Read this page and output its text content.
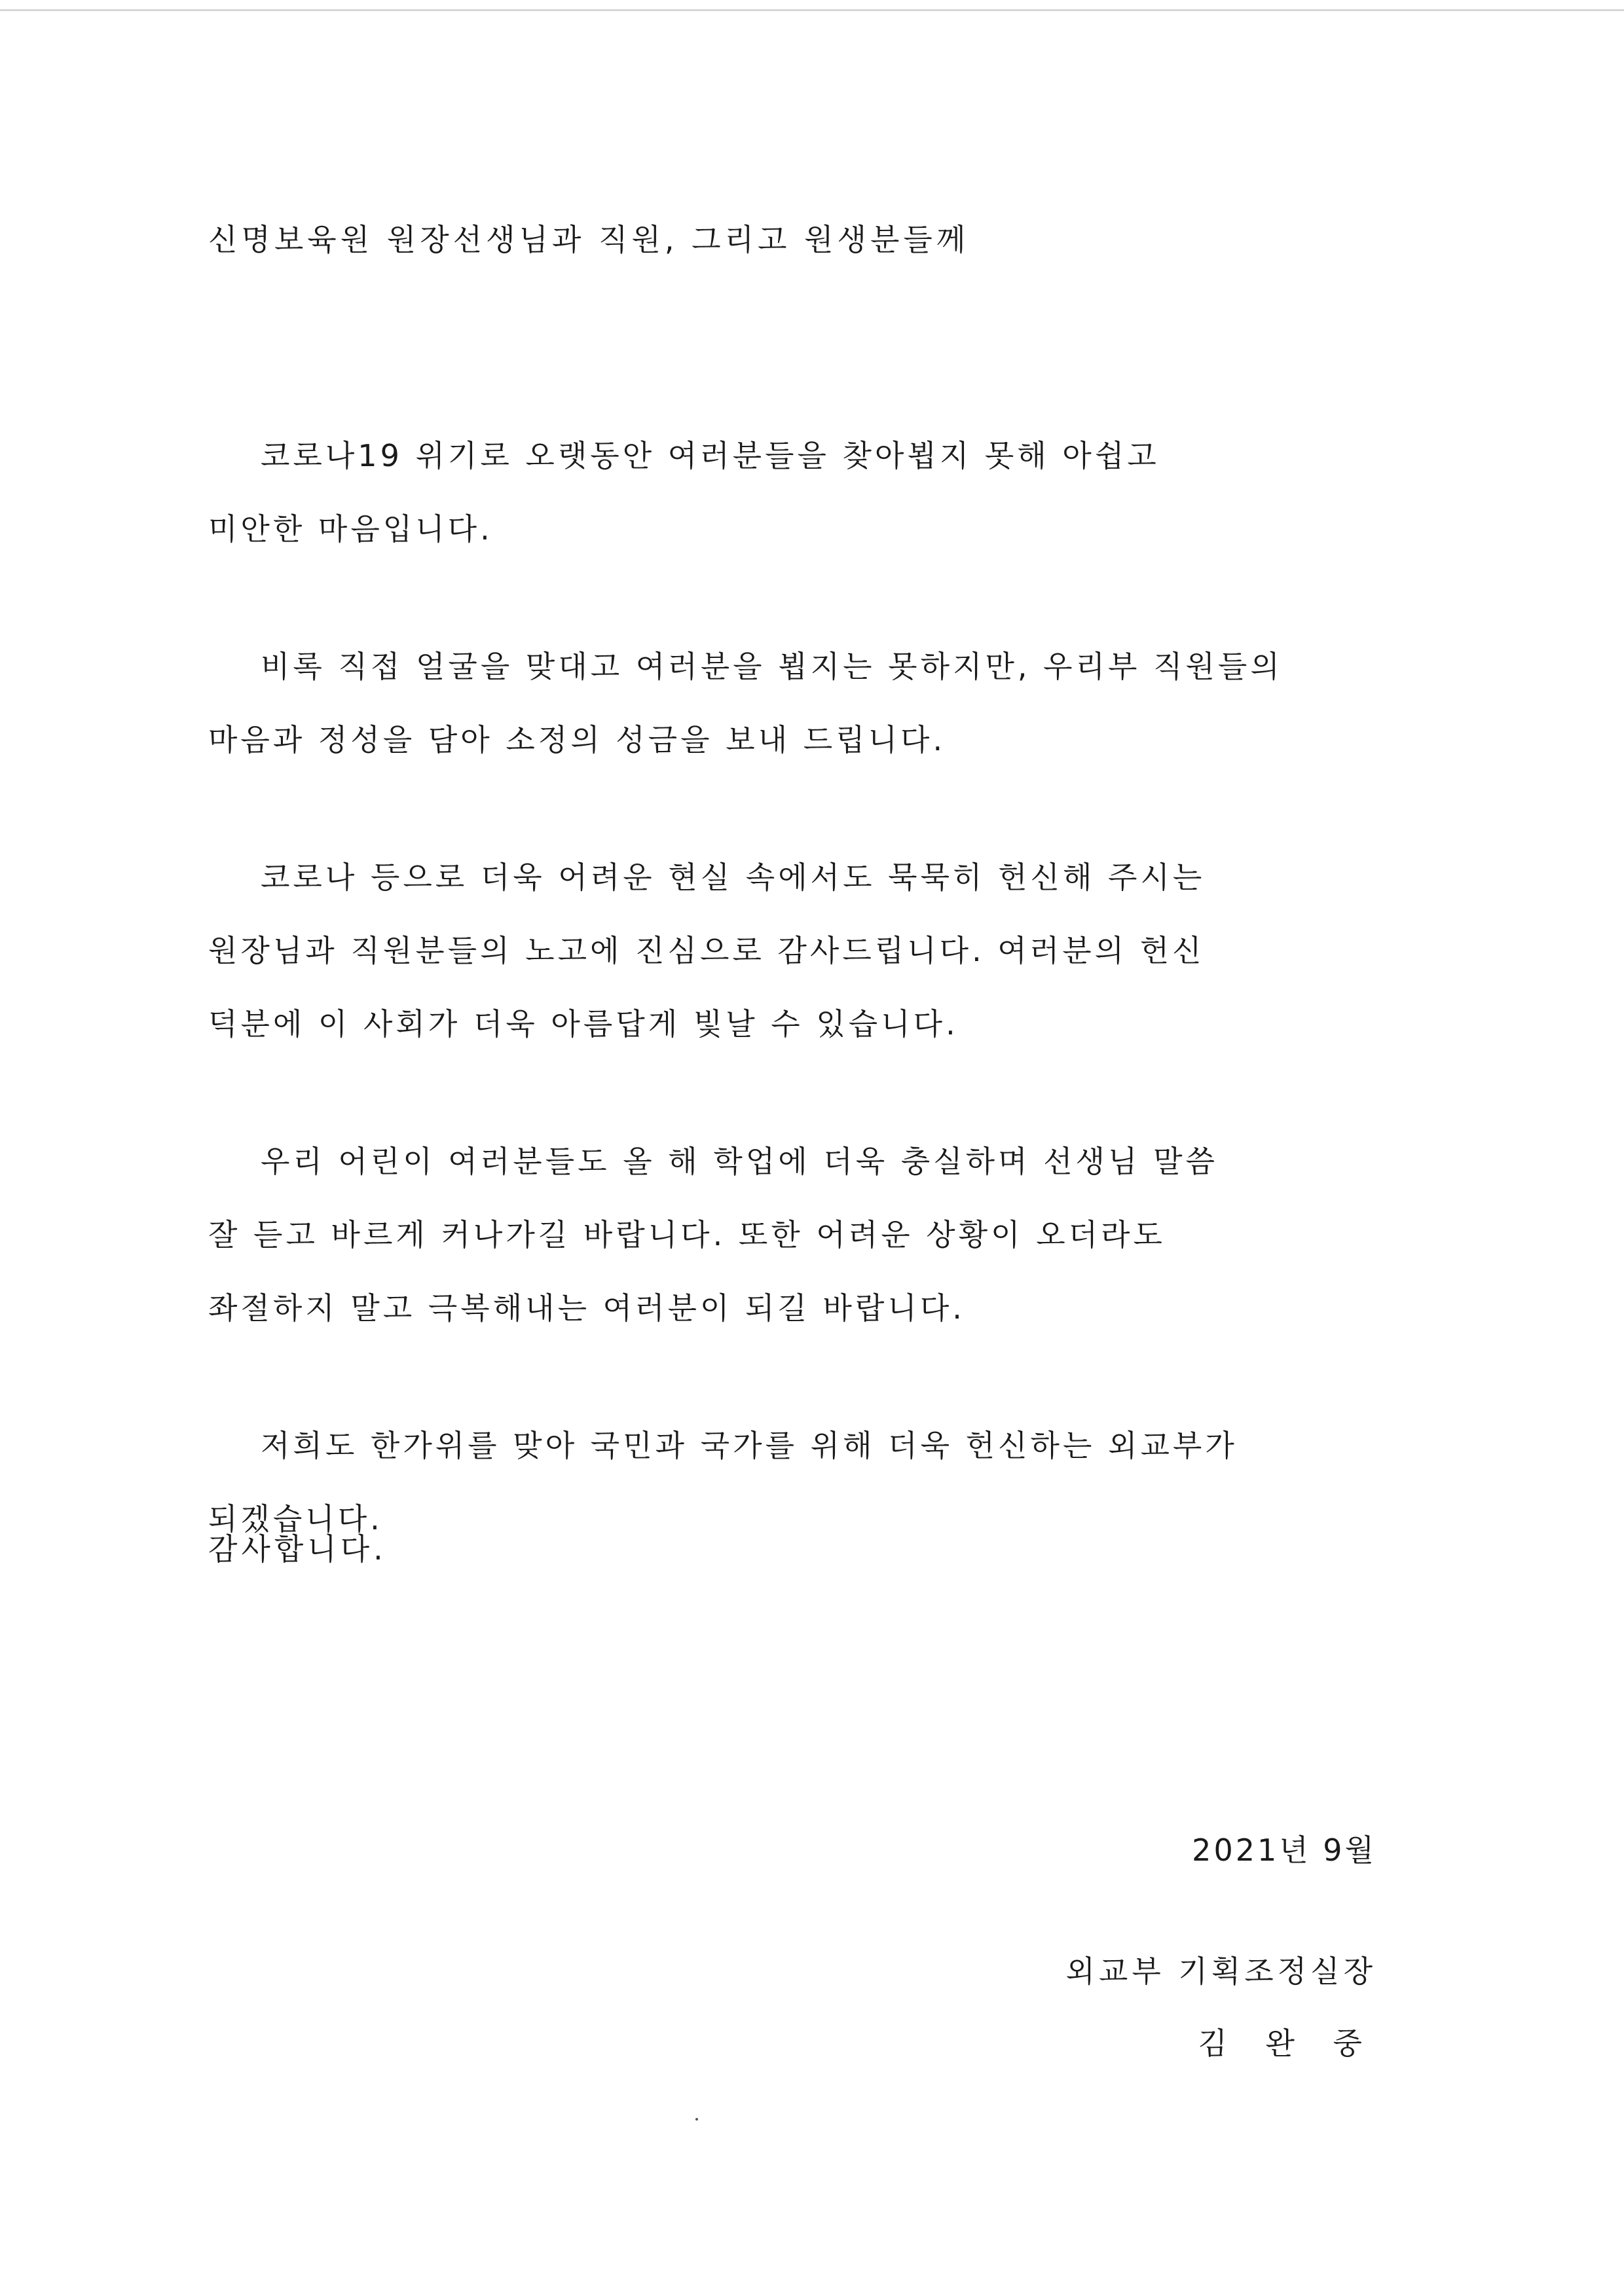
신명보육원 원장선생님과 직원, 그리고 원생분들께

코로나19 위기로 오랫동안 여러분들을 찾아뵙지 못해 아쉽고
미안한 마음입니다.

비록 직접 얼굴을 맞대고 여러분을 뵙지는 못하지만, 우리부 직원들의
마음과 정성을 담아 소정의 성금을 보내 드립니다.

코로나 등으로 더욱 어려운 현실 속에서도 묵묵히 헌신해 주시는
원장님과 직원분들의 노고에 진심으로 감사드립니다. 여러분의 헌신
덕분에 이 사회가 더욱 아름답게 빛날 수 있습니다.

우리 어린이 여러분들도 올 해 학업에 더욱 충실하며 선생님 말씀
잘 듣고 바르게 커나가길 바랍니다. 또한 어려운 상황이 오더라도
좌절하지 말고 극복해내는 여러분이 되길 바랍니다.

저희도 한가위를 맞아 국민과 국가를 위해 더욱 헌신하는 외교부가
되겠습니다.

감사합니다.
2021년 9월
외교부 기획조정실장
김 완 중
